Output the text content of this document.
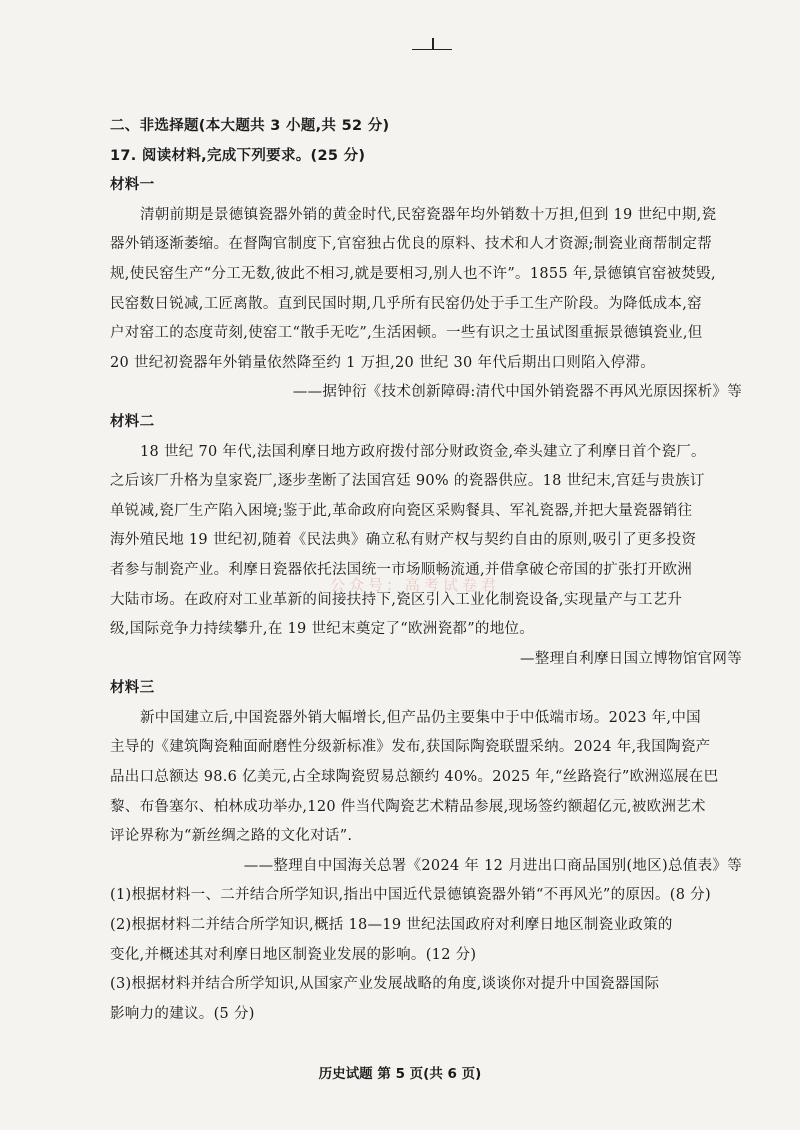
公众号: 高考试卷君
二、非选择题(本大题共 3 小题,共 52 分)
17. 阅读材料,完成下列要求。(25 分)
材料一
清朝前期是景德镇瓷器外销的黄金时代,民窑瓷器年均外销数十万担,但到 19 世纪中期,瓷
器外销逐渐萎缩。在督陶官制度下,官窑独占优良的原料、技术和人才资源;制瓷业商帮制定帮
规,使民窑生产“分工无数,彼此不相习,就是要相习,别人也不许”。1855 年,景德镇官窑被焚毁,
民窑数日锐减,工匠离散。直到民国时期,几乎所有民窑仍处于手工生产阶段。为降低成本,窑
户对窑工的态度苛刻,使窑工“散手无吃”,生活困顿。一些有识之士虽试图重振景德镇瓷业,但
20 世纪初瓷器年外销量依然降至约 1 万担,20 世纪 30 年代后期出口则陷入停滞。
——据钟衍《技术创新障碍:清代中国外销瓷器不再风光原因探析》等
材料二
18 世纪 70 年代,法国利摩日地方政府拨付部分财政资金,牵头建立了利摩日首个瓷厂。
之后该厂升格为皇家瓷厂,逐步垄断了法国宫廷 90% 的瓷器供应。18 世纪末,宫廷与贵族订
单锐减,瓷厂生产陷入困境;鉴于此,革命政府向瓷区采购餐具、军礼瓷器,并把大量瓷器销往
海外殖民地 19 世纪初,随着《民法典》确立私有财产权与契约自由的原则,吸引了更多投资
者参与制瓷产业。利摩日瓷器依托法国统一市场顺畅流通,并借拿破仑帝国的扩张打开欧洲
大陆市场。在政府对工业革新的间接扶持下,瓷区引入工业化制瓷设备,实现量产与工艺升
级,国际竞争力持续攀升,在 19 世纪末奠定了“欧洲瓷都”的地位。
—整理自利摩日国立博物馆官网等
材料三
新中国建立后,中国瓷器外销大幅增长,但产品仍主要集中于中低端市场。2023 年,中国
主导的《建筑陶瓷釉面耐磨性分级新标准》发布,获国际陶瓷联盟采纳。2024 年,我国陶瓷产
品出口总额达 98.6 亿美元,占全球陶瓷贸易总额约 40%。2025 年,“丝路瓷行”欧洲巡展在巴
黎、布鲁塞尔、柏林成功举办,120 件当代陶瓷艺术精品参展,现场签约额超亿元,被欧洲艺术
评论界称为“新丝绸之路的文化对话”.
——整理自中国海关总署《2024 年 12 月进出口商品国别(地区)总值表》等
(1)根据材料一、二并结合所学知识,指出中国近代景德镇瓷器外销“不再风光”的原因。(8 分)
(2)根据材料二并结合所学知识,概括 18—19 世纪法国政府对利摩日地区制瓷业政策的
变化,并概述其对利摩日地区制瓷业发展的影响。(12 分)
(3)根据材料并结合所学知识,从国家产业发展战略的角度,谈谈你对提升中国瓷器国际
影响力的建议。(5 分)
历史试题 第 5 页(共 6 页)
